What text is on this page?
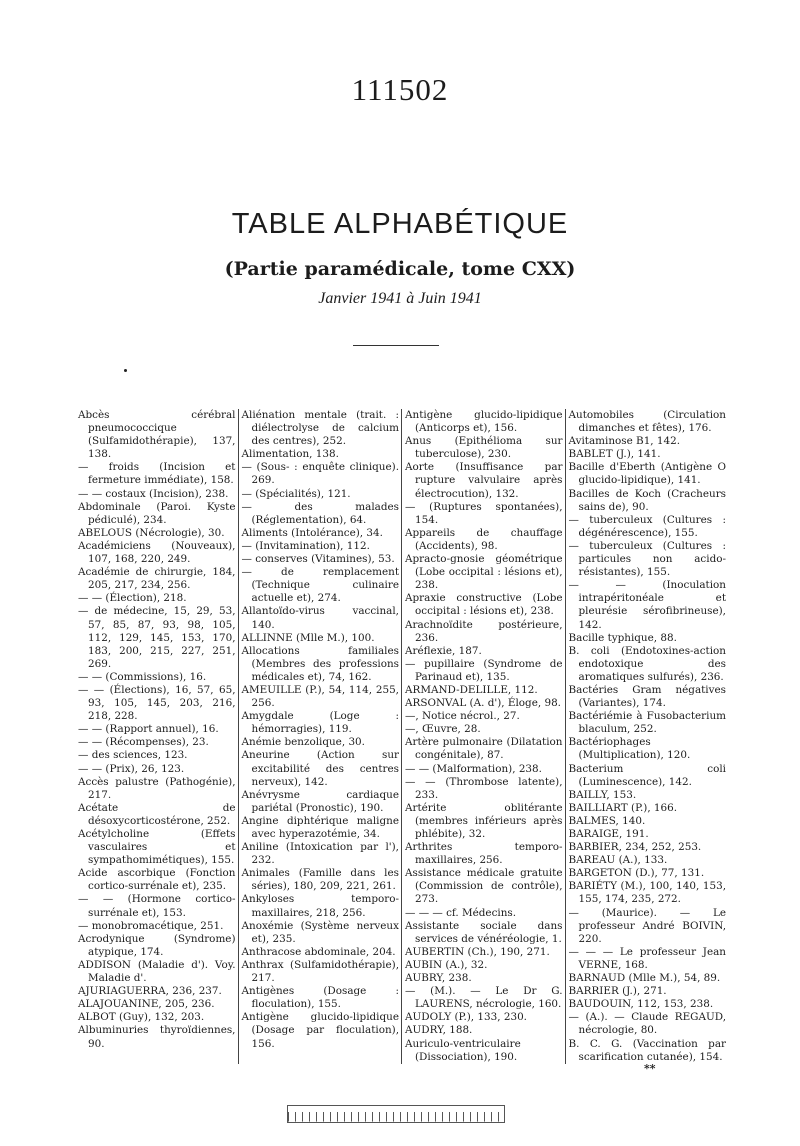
111502
TABLE ALPHABÉTIQUE
(Partie paramédicale, tome CXX)
Janvier 1941 à Juin 1941
Abcès cérébral pneumococcique (Sulfamidothérapie), 137, 138.
— froids (Incision et fermeture immédiate), 158.
— — costaux (Incision), 238.
Abdominale (Paroi. Kyste pédiculé), 234.
ABELOUS (Nécrologie), 30.
Académiciens (Nouveaux), 107, 168, 220, 249.
Académie de chirurgie, 184, 205, 217, 234, 256.
— — (Élection), 218.
— de médecine, 15, 29, 53, 57, 85, 87, 93, 98, 105, 112, 129, 145, 153, 170, 183, 200, 215, 227, 251, 269.
— — (Commissions), 16.
— — (Élections), 16, 57, 65, 93, 105, 145, 203, 216, 218, 228.
— — (Rapport annuel), 16.
— — (Récompenses), 23.
— des sciences, 123.
— — (Prix), 26, 123.
Accès palustre (Pathogénie), 217.
Acétate de désoxycorticostérone, 252.
Acétylcholine (Effets vasculaires et sympathomimétiques), 155.
Acide ascorbique (Fonction cortico-surrénale et), 235.
— — (Hormone cortico-surrénale et), 153.
— monobromacétique, 251.
Acrodynique (Syndrome) atypique, 174.
ADDISON (Maladie d'). Voy. Maladie d'.
AJURIAGUERRA, 236, 237.
ALAJOUANINE, 205, 236.
ALBOT (Guy), 132, 203.
Albuminuries thyroïdiennes, 90.
Aliénation mentale (trait. : diélectrolyse de calcium des centres), 252.
Alimentation, 138.
— (Sous- : enquête clinique). 269.
— (Spécialités), 121.
— des malades (Réglementation), 64.
Aliments (Intolérance), 34.
— (Invitamination), 112.
— conserves (Vitamines), 53.
— de remplacement (Technique culinaire actuelle et), 274.
Allantoïdo-virus vaccinal, 140.
ALLINNE (Mlle M.), 100.
Allocations familiales (Membres des professions médicales et), 74, 162.
AMEUILLE (P.), 54, 114, 255, 256.
Amygdale (Loge : hémorragies), 119.
Anémie benzolique, 30.
Aneurine (Action sur excitabilité des centres nerveux), 142.
Anévrysme cardiaque pariétal (Pronostic), 190.
Angine diphtérique maligne avec hyperazotémie, 34.
Aniline (Intoxication par l'), 232.
Animales (Famille dans les séries), 180, 209, 221, 261.
Ankyloses temporo-maxillaires, 218, 256.
Anoxémie (Système nerveux et), 235.
Anthracose abdominale, 204.
Anthrax (Sulfamidothérapie), 217.
Antigènes (Dosage : floculation), 155.
Antigène glucido-lipidique (Dosage par floculation), 156.
Antigène glucido-lipidique (Anticorps et), 156.
Anus (Epithélioma sur tuberculose), 230.
Aorte (Insuffisance par rupture valvulaire après électrocution), 132.
— (Ruptures spontanées), 154.
Appareils de chauffage (Accidents), 98.
Apracto-gnosie géométrique (Lobe occipital : lésions et), 238.
Apraxie constructive (Lobe occipital : lésions et), 238.
Arachnoïdite postérieure, 236.
Aréflexie, 187.
— pupillaire (Syndrome de Parinaud et), 135.
ARMAND-DELILLE, 112.
ARSONVAL (A. d'), Éloge, 98.
—, Notice nécrol., 27.
—, Œuvre, 28.
Artère pulmonaire (Dilatation congénitale), 87.
— — (Malformation), 238.
— — (Thrombose latente), 233.
Artérite oblitérante (membres inférieurs après phlébite), 32.
Arthrites temporo-maxillaires, 256.
Assistance médicale gratuite (Commission de contrôle), 273.
— — — cf. Médecins.
Assistante sociale dans services de vénéréologie, 1.
AUBERTIN (Ch.), 190, 271.
AUBIN (A.), 32.
AUBRY, 238.
— (M.). — Le Dr G. LAURENS, nécrologie, 160.
AUDOLY (P.), 133, 230.
AUDRY, 188.
Auriculo-ventriculaire (Dissociation), 190.
Automobiles (Circulation dimanches et fêtes), 176.
Avitaminose B1, 142.
BABLET (J.), 141.
Bacille d'Eberth (Antigène O glucido-lipidique), 141.
Bacilles de Koch (Cracheurs sains de), 90.
— tuberculeux (Cultures : dégénérescence), 155.
— tuberculeux (Cultures : particules non acido-résistantes), 155.
— — (Inoculation intrapéritonéale et pleurésie sérofibrineuse), 142.
Bacille typhique, 88.
B. coli (Endotoxines-action endotoxique des aromatiques sulfurés), 236.
Bactéries Gram négatives (Variantes), 174.
Bactériémie à Fusobacterium blaculum, 252.
Bactériophages (Multiplication), 120.
Bacterium coli (Luminescence), 142.
BAILLY, 153.
BAILLIART (P.), 166.
BALMES, 140.
BARAIGE, 191.
BARBIER, 234, 252, 253.
BAREAU (A.), 133.
BARGETON (D.), 77, 131.
BARIÉTY (M.), 100, 140, 153, 155, 174, 235, 272.
— (Maurice). — Le professeur André BOIVIN, 220.
— — — Le professeur Jean VERNE, 168.
BARNAUD (Mlle M.), 54, 89.
BARRIER (J.), 271.
BAUDOUIN, 112, 153, 238.
— (A.). — Claude REGAUD, nécrologie, 80.
B. C. G. (Vaccination par scarification cutanée), 154.
**
